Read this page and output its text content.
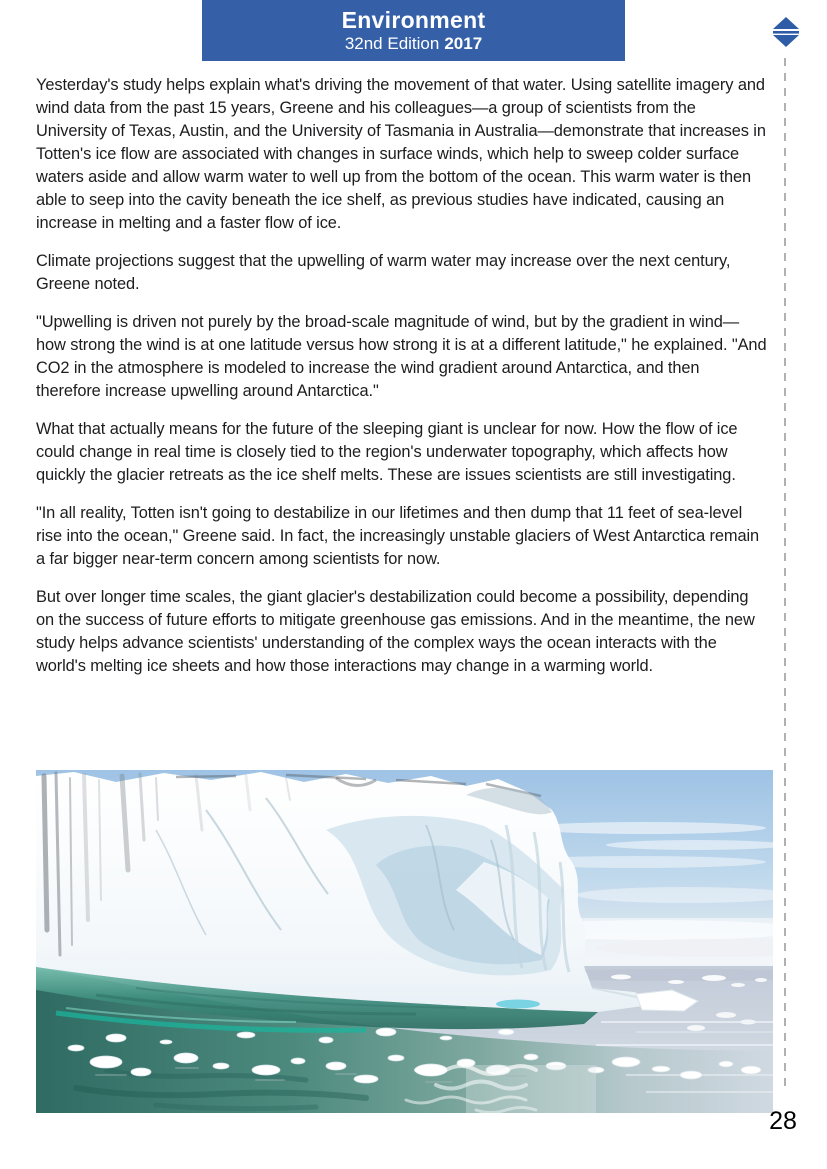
Environment
32nd Edition 2017

Yesterday's study helps explain what's driving the movement of that water. Using satellite imagery and wind data from the past 15 years, Greene and his colleagues—a group of scientists from the University of Texas, Austin, and the University of Tasmania in Australia—demonstrate that increases in Totten's ice flow are associated with changes in surface winds, which help to sweep colder surface waters aside and allow warm water to well up from the bottom of the ocean. This warm water is then able to seep into the cavity beneath the ice shelf, as previous studies have indicated, causing an increase in melting and a faster flow of ice.

Climate projections suggest that the upwelling of warm water may increase over the next century, Greene noted.

"Upwelling is driven not purely by the broad-scale magnitude of wind, but by the gradient in wind—how strong the wind is at one latitude versus how strong it is at a different latitude," he explained. "And CO2 in the atmosphere is modeled to increase the wind gradient around Antarctica, and then therefore increase upwelling around Antarctica."

What that actually means for the future of the sleeping giant is unclear for now. How the flow of ice could change in real time is closely tied to the region's underwater topography, which affects how quickly the glacier retreats as the ice shelf melts. These are issues scientists are still investigating.

"In all reality, Totten isn't going to destabilize in our lifetimes and then dump that 11 feet of sea-level rise into the ocean," Greene said. In fact, the increasingly unstable glaciers of West Antarctica remain a far bigger near-term concern among scientists for now.

But over longer time scales, the giant glacier's destabilization could become a possibility, depending on the success of future efforts to mitigate greenhouse gas emissions. And in the meantime, the new study helps advance scientists' understanding of the complex ways the ocean interacts with the world's melting ice sheets and how those interactions may change in a warming world.

28
